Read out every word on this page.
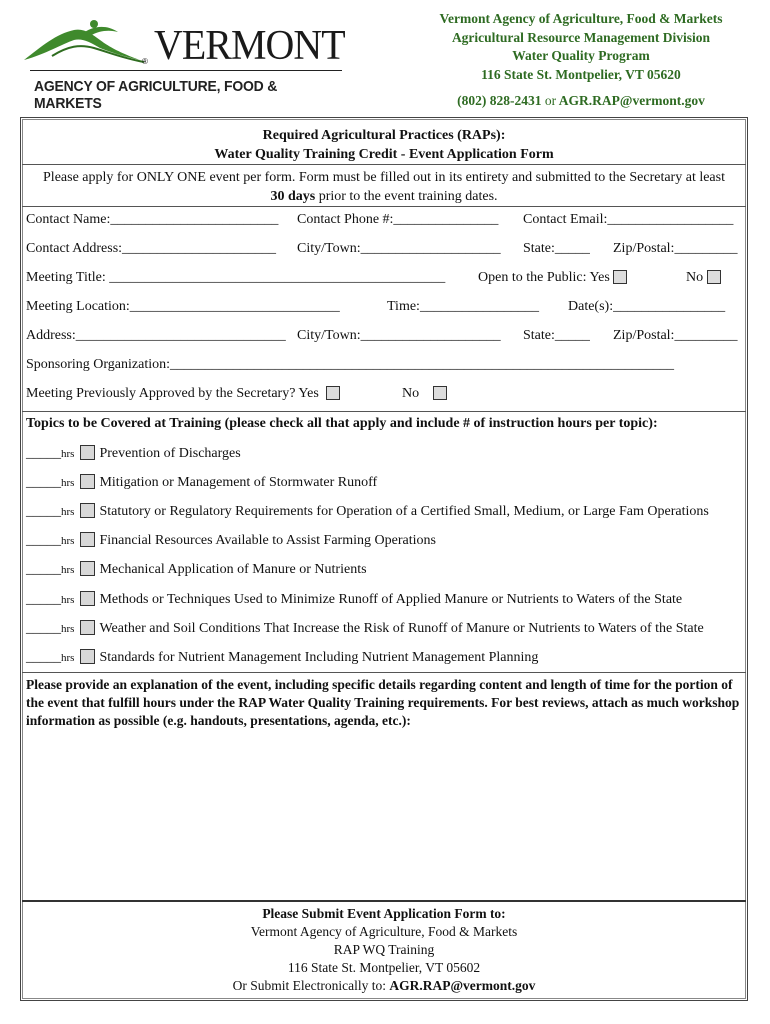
® VERMONT
AGENCY OF AGRICULTURE, FOOD & MARKETS
Vermont Agency of Agriculture, Food & Markets
Agricultural Resource Management Division
Water Quality Program
116 State St. Montpelier, VT 05620
(802) 828-2431 or AGR.RAP@vermont.gov
Required Agricultural Practices (RAPs):
Water Quality Training Credit - Event Application Form
Please apply for ONLY ONE event per form. Form must be filled out in its entirety and submitted to the Secretary at least
30 days prior to the event training dates.
Contact Name:________________________ Contact Phone #:_______________ Contact Email:__________________
Contact Address:______________________ City/Town:____________________ State:_____ Zip/Postal:_________
Meeting Title: ________________________________________________ Open to the Public: Yes	No
Meeting Location:______________________________	Time:_________________ Date(s):________________
Address:______________________________ City/Town:____________________ State:_____ Zip/Postal:_________
Sponsoring Organization:________________________________________________________________________
Meeting Previously Approved by the Secretary? Yes	No
Topics to be Covered at Training (please check all that apply and include # of instruction hours per topic):
_____hrs Prevention of Discharges
_____hrs Mitigation or Management of Stormwater Runoff
_____hrs Statutory or Regulatory Requirements for Operation of a Certified Small, Medium, or Large Fam Operations
_____hrs Financial Resources Available to Assist Farming Operations
_____hrs Mechanical Application of Manure or Nutrients
_____hrs Methods or Techniques Used to Minimize Runoff of Applied Manure or Nutrients to Waters of the State
_____hrs Weather and Soil Conditions That Increase the Risk of Runoff of Manure or Nutrients to Waters of the State
_____hrs Standards for Nutrient Management Including Nutrient Management Planning
Please provide an explanation of the event, including specific details regarding content and length of time for the portion of the event that fulfill hours under the RAP Water Quality Training requirements. For best reviews, attach as much workshop information as possible (e.g. handouts, presentations, agenda, etc.):
Please Submit Event Application Form to:
Vermont Agency of Agriculture, Food & Markets
RAP WQ Training
116 State St. Montpelier, VT 05602
Or Submit Electronically to: AGR.RAP@vermont.gov
